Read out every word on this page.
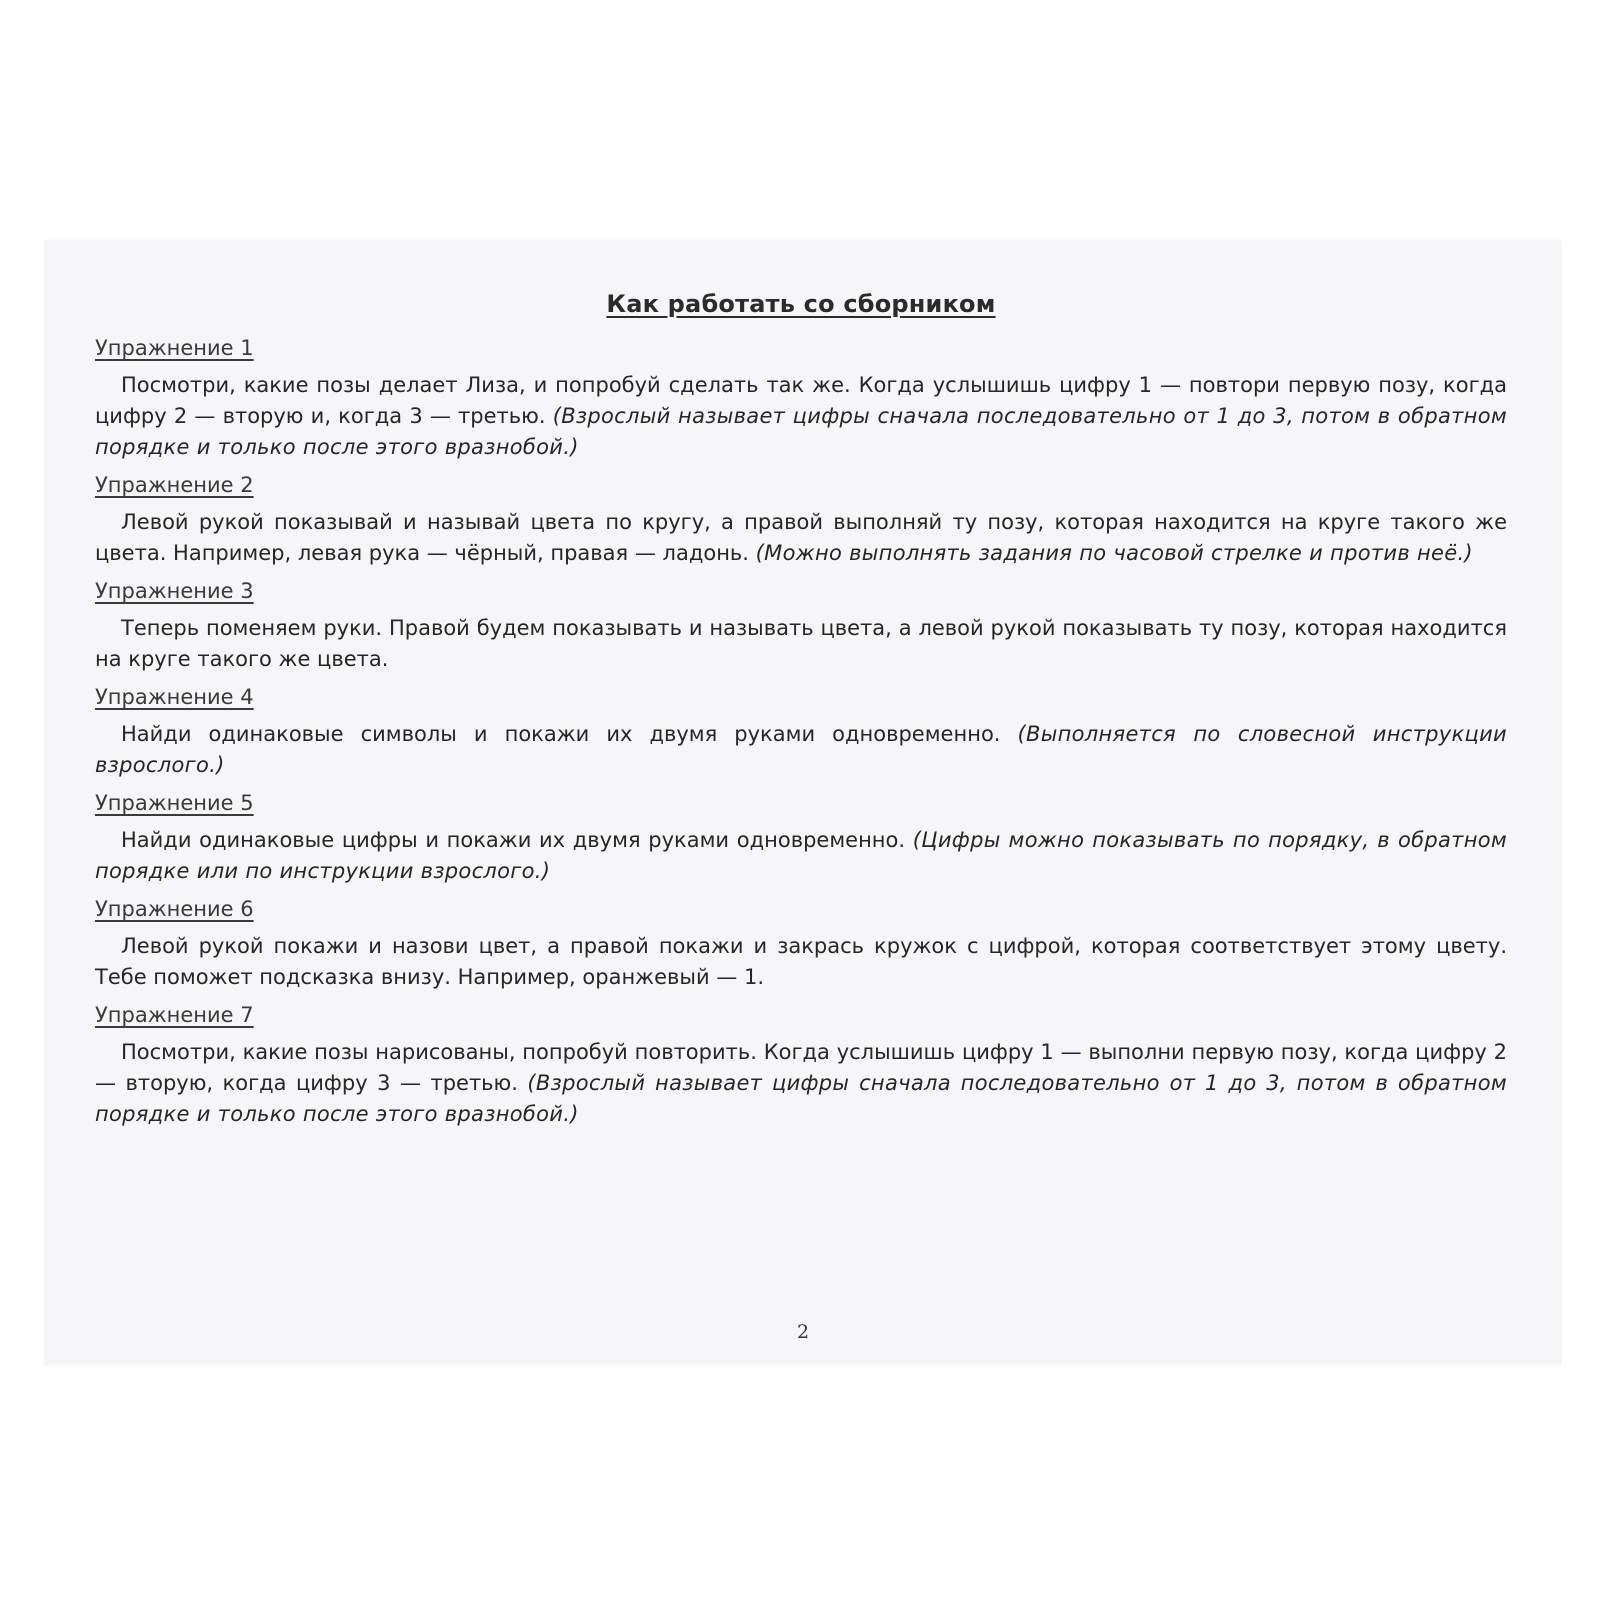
Как работать со сборником
Упражнение 1

Посмотри, какие позы делает Лиза, и попробуй сделать так же. Когда услышишь цифру 1 — повтори первую позу, когда цифру 2 — вторую и, когда 3 — третью. (Взрослый называет цифры сначала последовательно от 1 до 3, потом в обратном порядке и только после этого вразнобой.)

Упражнение 2

Левой рукой показывай и называй цвета по кругу, а правой выполняй ту позу, которая находится на круге такого же цвета. Например, левая рука — чёрный, правая — ладонь. (Можно выполнять задания по часовой стрелке и против неё.)

Упражнение 3

Теперь поменяем руки. Правой будем показывать и называть цвета, а левой рукой показывать ту позу, которая находится на круге такого же цвета.

Упражнение 4

Найди одинаковые символы и покажи их двумя руками одновременно. (Выполняется по словесной инструкции взрослого.)

Упражнение 5

Найди одинаковые цифры и покажи их двумя руками одновременно. (Цифры можно показывать по порядку, в обратном порядке или по инструкции взрослого.)

Упражнение 6

Левой рукой покажи и назови цвет, а правой покажи и закрась кружок с цифрой, которая соответствует этому цвету. Тебе поможет подсказка внизу. Например, оранжевый — 1.

Упражнение 7

Посмотри, какие позы нарисованы, попробуй повторить. Когда услышишь цифру 1 — выполни первую позу, когда цифру 2 — вторую, когда цифру 3 — третью. (Взрослый называет цифры сначала последовательно от 1 до 3, потом в обратном порядке и только после этого вразнобой.)

2
